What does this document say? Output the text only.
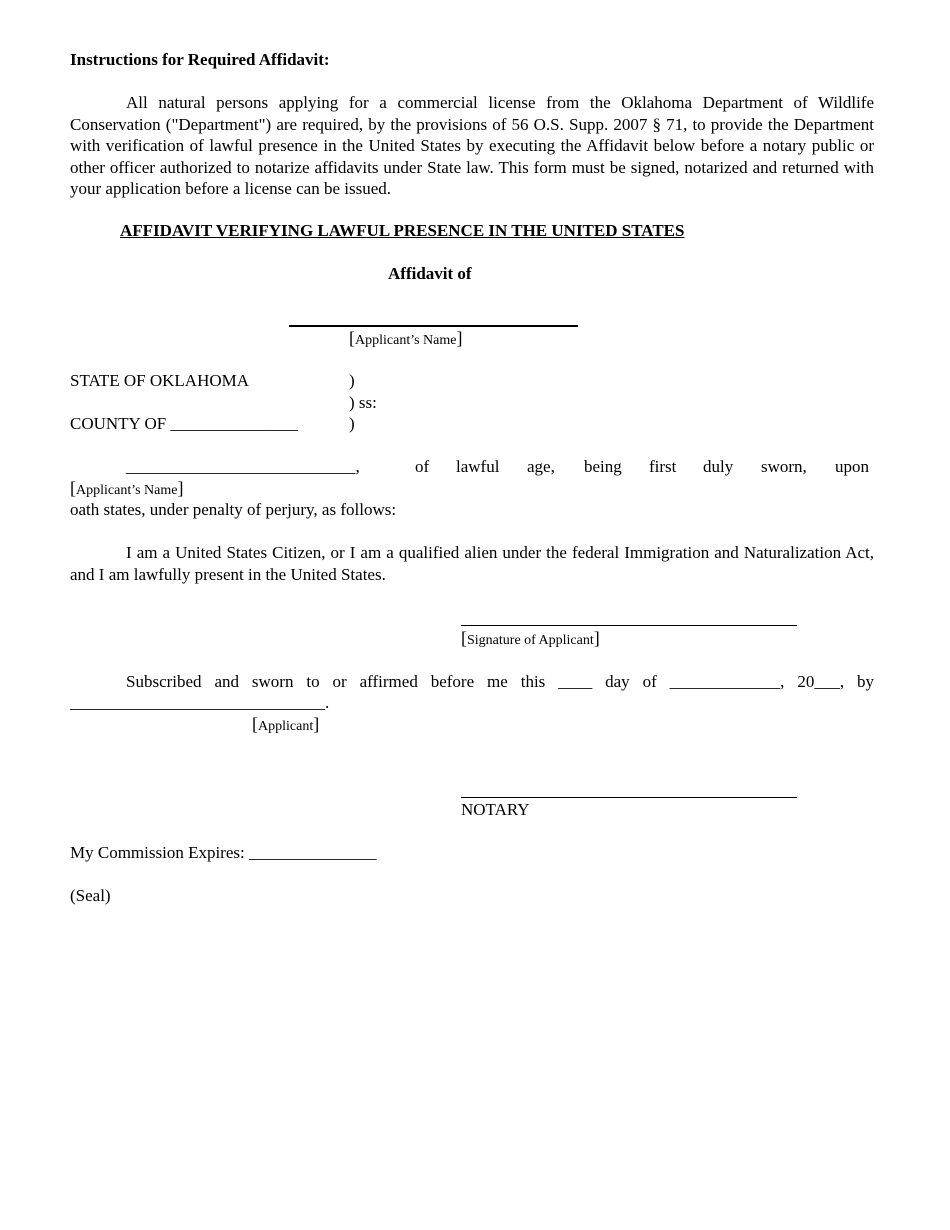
Instructions for Required Affidavit:
All natural persons applying for a commercial license from the Oklahoma Department of Wildlife Conservation ("Department") are required, by the provisions of 56 O.S. Supp. 2007 § 71, to provide the Department with verification of lawful presence in the United States by executing the Affidavit below before a notary public or other officer authorized to notarize affidavits under State law. This form must be signed, notarized and returned with your application before a license can be issued.
AFFIDAVIT VERIFYING LAWFUL PRESENCE IN THE UNITED STATES
Affidavit of
[Applicant’s Name]
STATE OF OKLAHOMA	)
) ss:
COUNTY OF _______________	)
___________________________,	of lawful age, being first duly sworn, upon
[Applicant’s Name]
oath states, under penalty of perjury, as follows:
I am a United States Citizen, or I am a qualified alien under the federal Immigration and Naturalization Act, and I am lawfully present in the United States.
[Signature of Applicant]
Subscribed and sworn to or affirmed before me this ____ day of _____________, 20___, by
______________________________.
[Applicant]
NOTARY
My Commission Expires: _______________
(Seal)
